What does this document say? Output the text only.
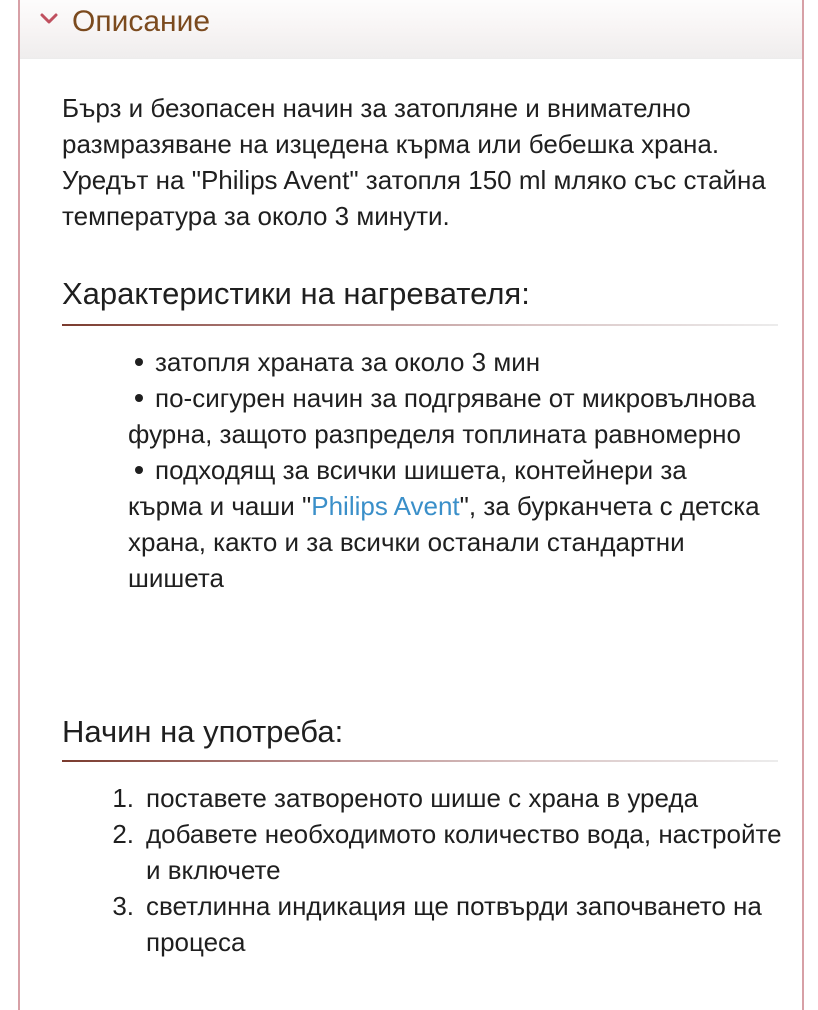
Описание

Бърз и безопасен начин за затопляне и внимателно размразяване на изцедена кърма или бебешка храна. Уредът на "Philips Avent" затопля 150 ml мляко със стайна температура за около 3 минути.

Характеристики на нагревателя:
затопля храната за около 3 мин
по-сигурен начин за подгряване от микровълнова фурна, защото разпределя топлината равномерно
подходящ за всички шишета, контейнери за кърма и чаши "Philips Avent", за бурканчета с детска храна, както и за всички останали стандартни шишета
Начин на употреба:
1. поставете затвореното шише с храна в уреда
2. добавете необходимото количество вода, настройте и включете
3. светлинна индикация ще потвърди започването на процеса
